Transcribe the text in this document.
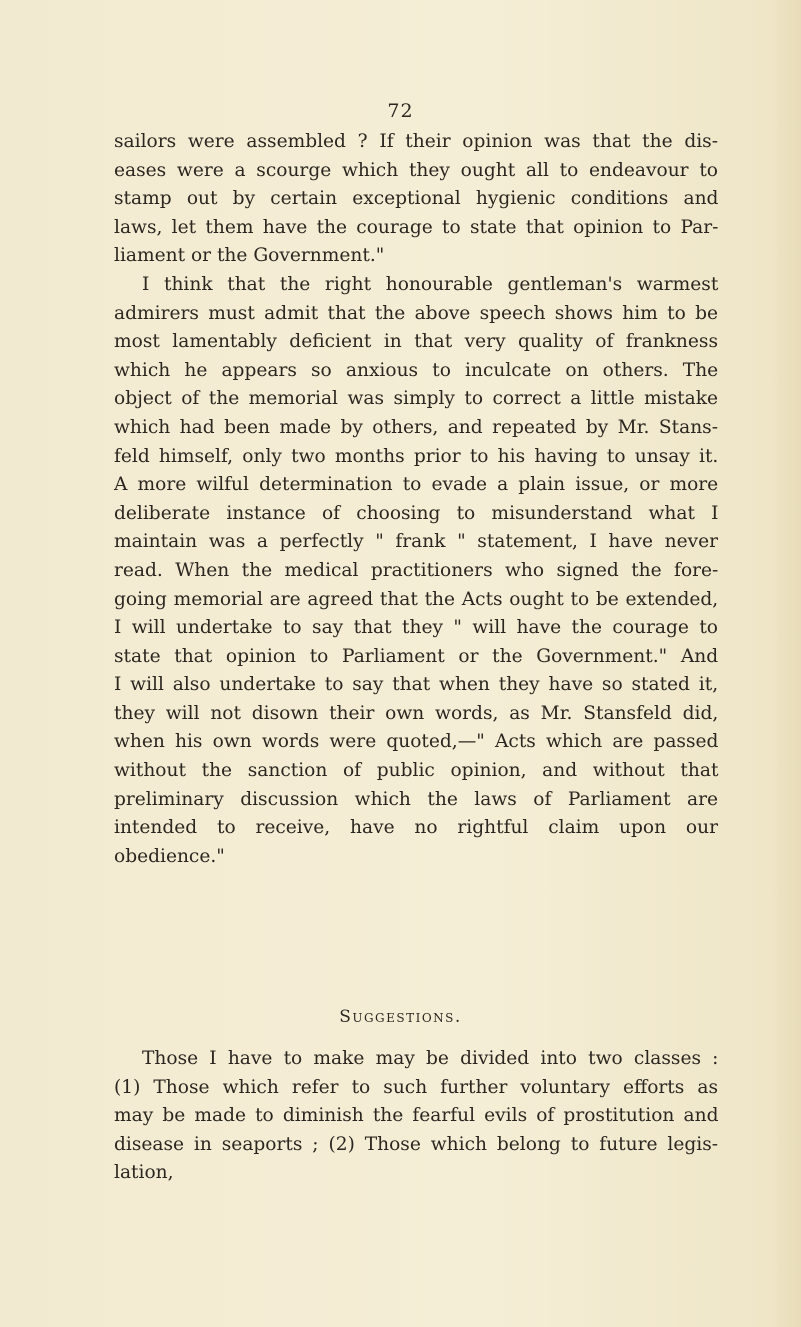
72
sailors were assembled ? If their opinion was that the dis-
eases were a scourge which they ought all to endeavour to
stamp out by certain exceptional hygienic conditions and
laws, let them have the courage to state that opinion to Par-
liament or the Government."
I think that the right honourable gentleman's warmest
admirers must admit that the above speech shows him to be
most lamentably deficient in that very quality of frankness
which he appears so anxious to inculcate on others. The
object of the memorial was simply to correct a little mistake
which had been made by others, and repeated by Mr. Stans-
feld himself, only two months prior to his having to unsay it.
A more wilful determination to evade a plain issue, or more
deliberate instance of choosing to misunderstand what I
maintain was a perfectly " frank " statement, I have never
read. When the medical practitioners who signed the fore-
going memorial are agreed that the Acts ought to be extended,
I will undertake to say that they " will have the courage to
state that opinion to Parliament or the Government." And
I will also undertake to say that when they have so stated it,
they will not disown their own words, as Mr. Stansfeld did,
when his own words were quoted,—" Acts which are passed
without the sanction of public opinion, and without that
preliminary discussion which the laws of Parliament are
intended to receive, have no rightful claim upon our
obedience."
Suggestions.
Those I have to make may be divided into two classes :
(1) Those which refer to such further voluntary efforts as
may be made to diminish the fearful evils of prostitution and
disease in seaports ; (2) Those which belong to future legis-
lation,
